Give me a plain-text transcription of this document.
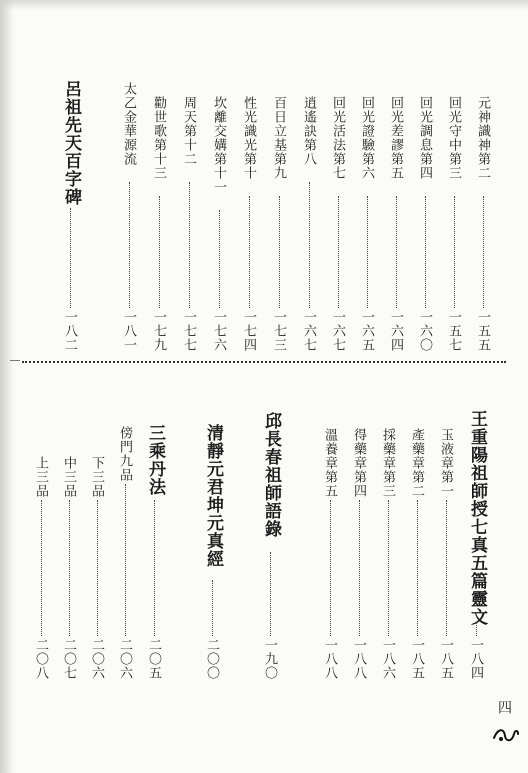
元神識神第二
一五五
回光守中第三
一五七
回光調息第四
一六〇
回光差謬第五
一六四
回光證驗第六
一六五
回光活法第七
一六七
逍遙訣第八
一六七
百日立基第九
一七三
性光識光第十
一七四
坎離交媾第十一
一七六
周天第十二
一七七
勸世歌第十三
一七九
太乙金華源流
一八一
呂祖先天百字碑
一八二
王重陽祖師授七真五篇靈文
一八四
玉液章第一
一八五
產藥章第二
一八五
採藥章第三
一八六
得藥章第四
一八八
溫養章第五
一八八
邱長春祖師語錄
一九〇
清靜元君坤元真經
二〇〇
三乘丹法
二〇五
傍門九品
二〇六
下三品
二〇六
中三品
二〇七
上三品
二〇八
四
